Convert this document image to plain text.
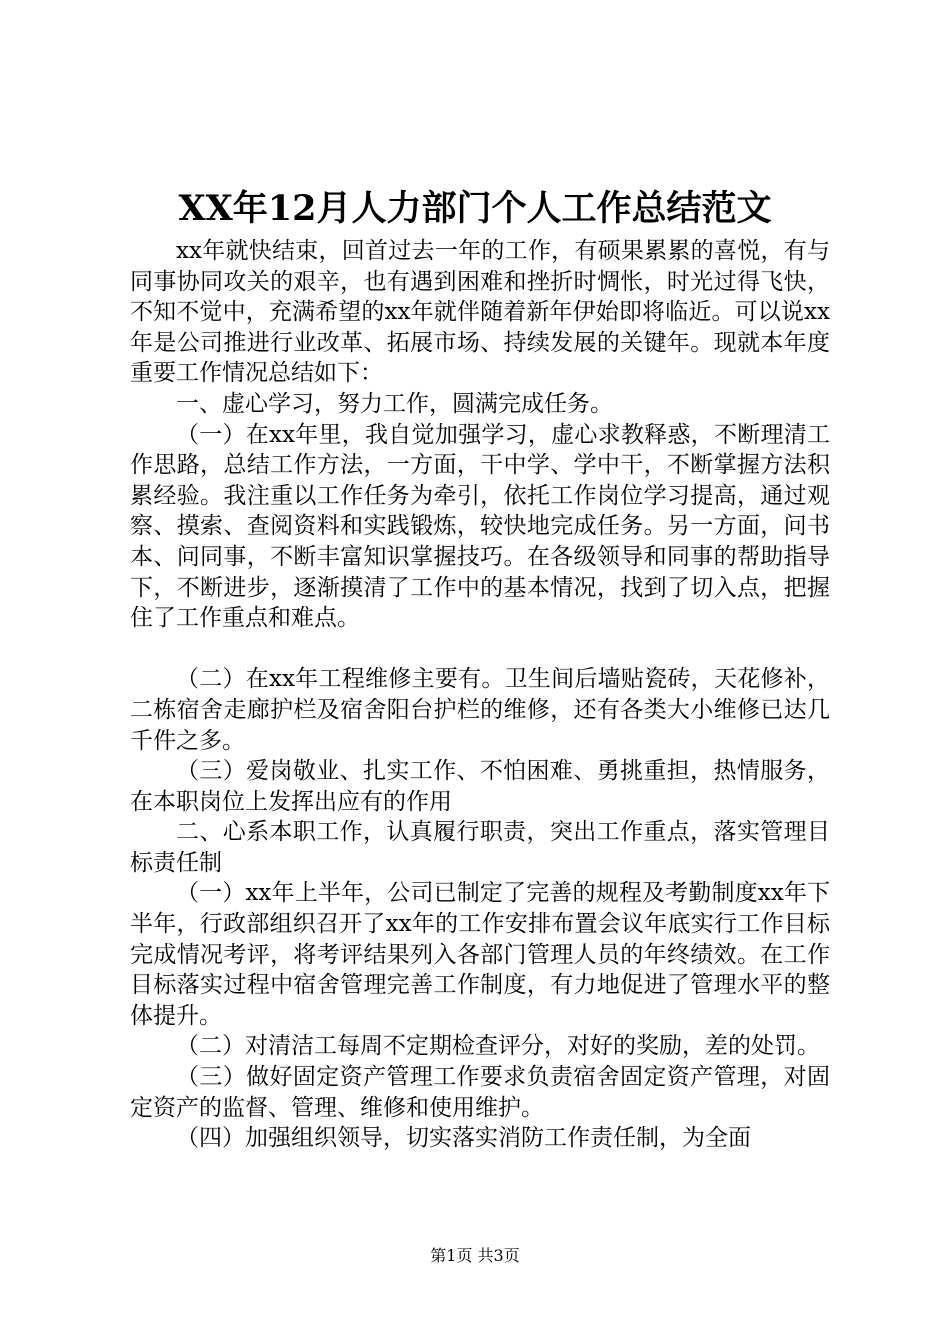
XX年12月人力部门个人工作总结范文

xx年就快结束，回首过去一年的工作，有硕果累累的喜悦，有与同事协同攻关的艰辛，也有遇到困难和挫折时惆怅，时光过得飞快，不知不觉中，充满希望的xx年就伴随着新年伊始即将临近。可以说xx年是公司推进行业改革、拓展市场、持续发展的关键年。现就本年度重要工作情况总结如下：

一、虚心学习，努力工作，圆满完成任务。

（一）在xx年里，我自觉加强学习，虚心求教释惑，不断理清工作思路，总结工作方法，一方面，干中学、学中干，不断掌握方法积累经验。我注重以工作任务为牵引，依托工作岗位学习提高，通过观察、摸索、查阅资料和实践锻炼，较快地完成任务。另一方面，问书本、问同事，不断丰富知识掌握技巧。在各级领导和同事的帮助指导下，不断进步，逐渐摸清了工作中的基本情况，找到了切入点，把握住了工作重点和难点。

（二）在xx年工程维修主要有。卫生间后墙贴瓷砖，天花修补，二栋宿舍走廊护栏及宿舍阳台护栏的维修，还有各类大小维修已达几千件之多。

（三）爱岗敬业、扎实工作、不怕困难、勇挑重担，热情服务，在本职岗位上发挥出应有的作用

二、心系本职工作，认真履行职责，突出工作重点，落实管理目标责任制

（一）xx年上半年，公司已制定了完善的规程及考勤制度xx年下半年，行政部组织召开了xx年的工作安排布置会议年底实行工作目标完成情况考评，将考评结果列入各部门管理人员的年终绩效。在工作目标落实过程中宿舍管理完善工作制度，有力地促进了管理水平的整体提升。

（二）对清洁工每周不定期检查评分，对好的奖励，差的处罚。

（三）做好固定资产管理工作要求负责宿舍固定资产管理，对固定资产的监督、管理、维修和使用维护。

（四）加强组织领导，切实落实消防工作责任制，为全面

第1页 共3页
